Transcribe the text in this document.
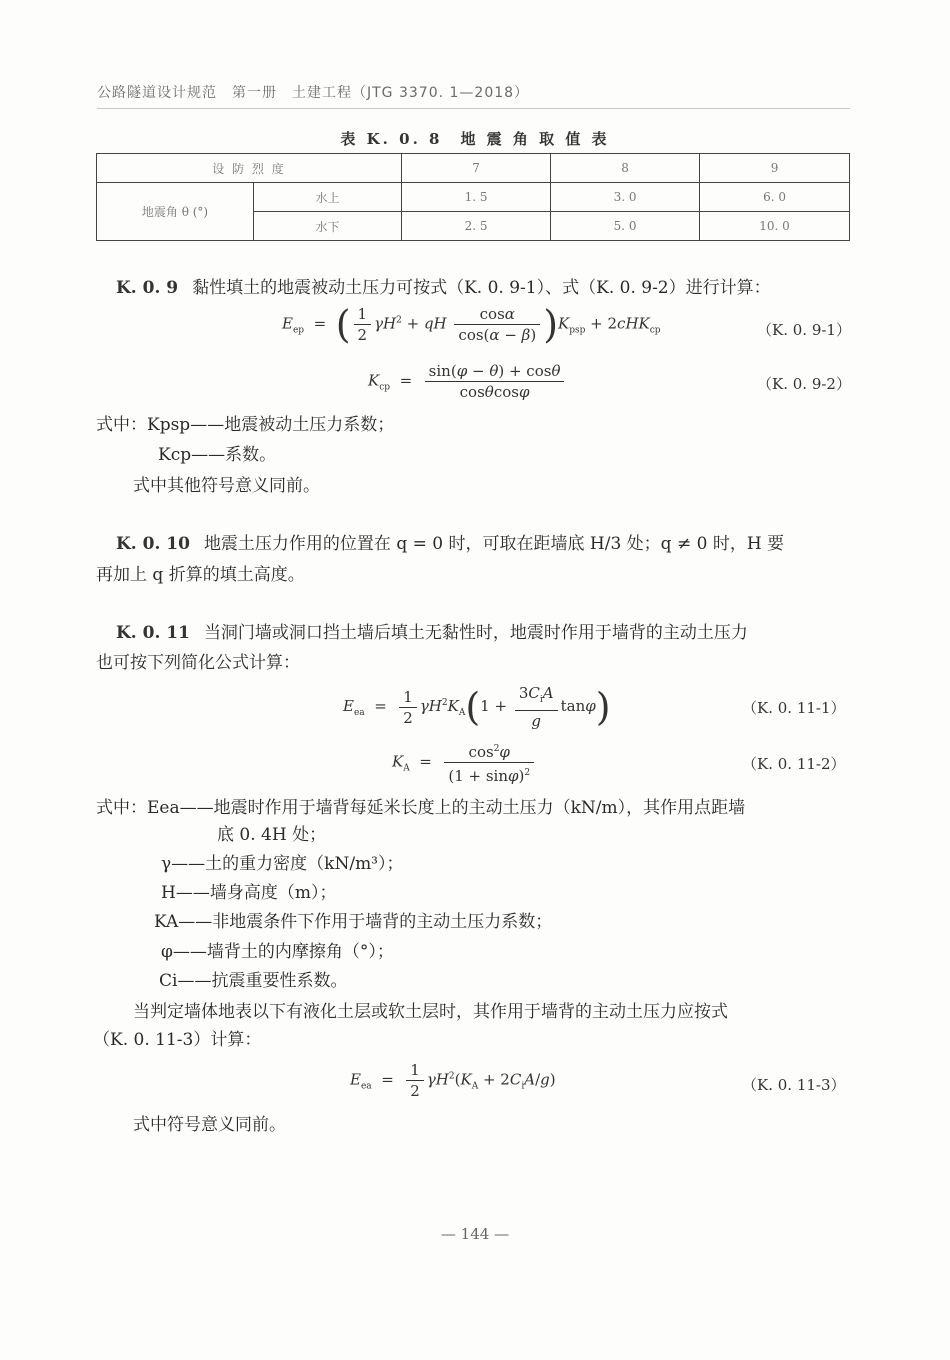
公路隧道设计规范　第一册　土建工程（JTG 3370. 1—2018）
表 K. 0. 8　地 震 角 取 值 表
设 防 烈 度		7	8	9
地震角 θ (°)	水上	1. 5	3. 0	6. 0
	水下	2. 5	5. 0	10. 0
K. 0. 9 黏性填土的地震被动土压力可按式（K. 0. 9-1）、式（K. 0. 9-2）进行计算：
$E_{ep}$  =  ( $\frac{1}{2} \gamma H^2$ + qH $\frac{\cos\alpha}{\cos(\alpha - \beta)} )K_{psp} + 2cHK_{cp}$	（K. 0. 9-1）
$K_{cp} = \frac{\sin(\varphi - \theta) + \cos\theta}{\cos\theta\cos\varphi}$	（K. 0. 9-2）
式中：Kpsp——地震被动土压力系数；
Kcp——系数。
式中其他符号意义同前。
K. 0. 10 地震土压力作用的位置在 q = 0 时，可取在距墙底 H/3 处；q ≠ 0 时，H 要
再加上 q 折算的填土高度。
K. 0. 11 当洞门墙或洞口挡土墙后填土无黏性时，地震时作用于墙背的主动土压力
也可按下列简化公式计算：
$E_{ea} = \frac{1}{2} \gamma H^2K_A(1 + \frac{3C_iA}{g} \tan\varphi)$	（K. 0. 11-1）
$K_A = \frac{\cos^2\varphi}{(1 + \sin\varphi)^2}$	（K. 0. 11-2）
式中：Eea——地震时作用于墙背每延米长度上的主动土压力（kN/m），其作用点距墙
底 0. 4H 处；
γ——土的重力密度（kN/m³）；
H——墙身高度（m）；
KA——非地震条件下作用于墙背的主动土压力系数；
φ——墙背土的内摩擦角（°）；
Ci——抗震重要性系数。
当判定墙体地表以下有液化土层或软土层时，其作用于墙背的主动土压力应按式
（K. 0. 11-3）计算：
$E_{ea} = \frac{1}{2} \gamma H^2(K_A + 2C_iA/g)$	（K. 0. 11-3）
式中符号意义同前。
— 144 —
